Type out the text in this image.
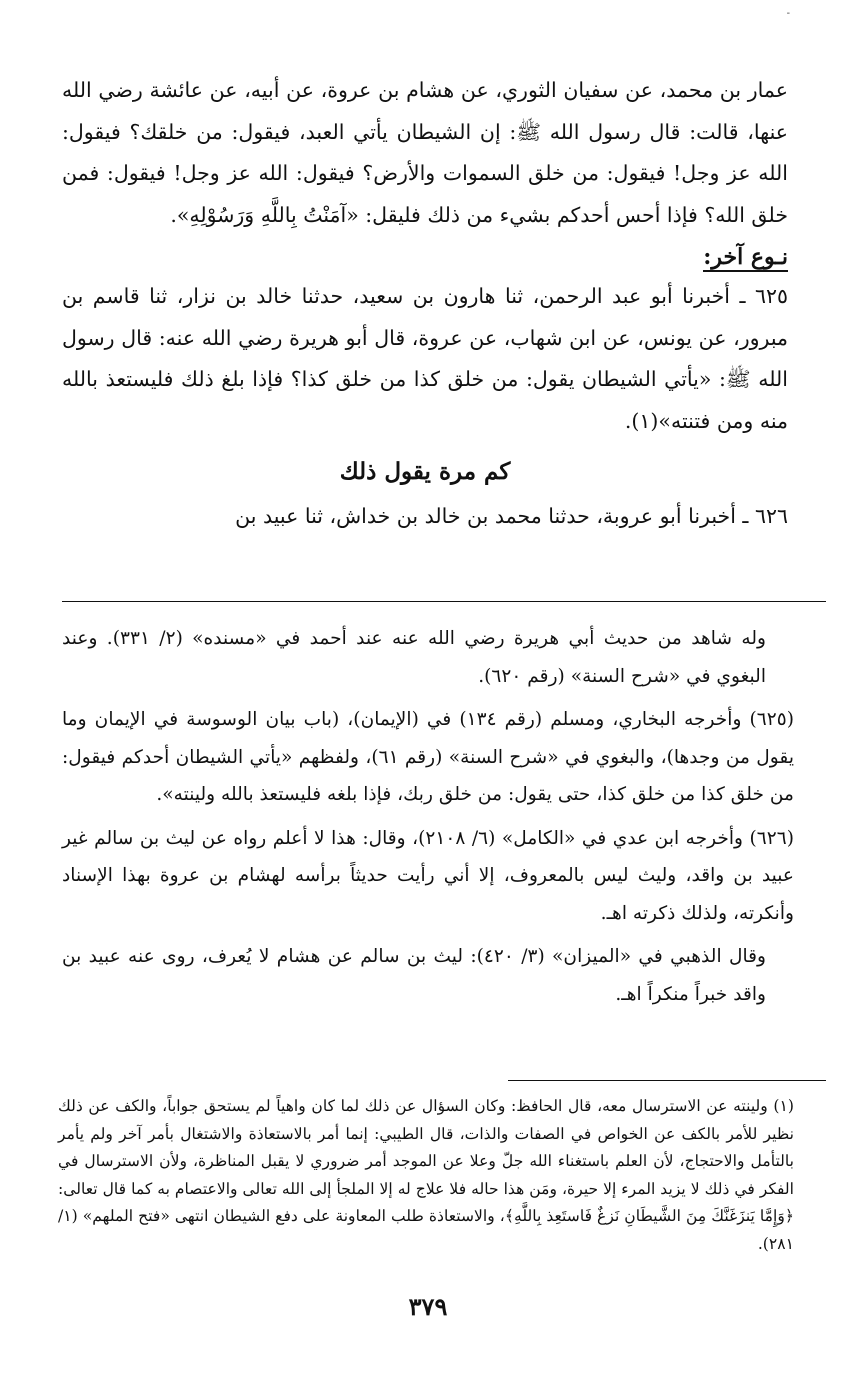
-

عمار بن محمد، عن سفيان الثوري، عن هشام بن عروة، عن أبيه، عن عائشة رضي الله عنها، قالت: قال رسول الله ﷺ: إن الشيطان يأتي العبد، فيقول: من خلقك؟ فيقول: الله عز وجل! فيقول: من خلق السموات والأرض؟ فيقول: الله عز وجل! فيقول: فمن خلق الله؟ فإذا أحس أحدكم بشيء من ذلك فليقل: «آمَنْتُ بِاللَّهِ وَرَسُوْلِهِ».

نـوع آخر:

٦٢٥ ـ أخبرنا أبو عبد الرحمن، ثنا هارون بن سعيد، حدثنا خالد بن نزار، ثنا قاسم بن مبرور، عن يونس، عن ابن شهاب، عن عروة، قال أبو هريرة رضي الله عنه: قال رسول الله ﷺ: «يأتي الشيطان يقول: من خلق كذا من خلق كذا؟ فإذا بلغ ذلك فليستعذ بالله منه ومن فتنته»(١).

كم مرة يقول ذلك

٦٢٦ ـ أخبرنا أبو عروبة، حدثنا محمد بن خالد بن خداش، ثنا عبيد بن

وله شاهد من حديث أبي هريرة رضي الله عنه عند أحمد في «مسنده» (٢/ ٣٣١). وعند البغوي في «شرح السنة» (رقم ٦٢٠).

(٦٢٥) وأخرجه البخاري، ومسلم (رقم ١٣٤) في (الإيمان)، (باب بيان الوسوسة في الإيمان وما يقول من وجدها)، والبغوي في «شرح السنة» (رقم ٦١)، ولفظهم «يأتي الشيطان أحدكم فيقول: من خلق كذا من خلق كذا، حتى يقول: من خلق ربك، فإذا بلغه فليستعذ بالله ولينته».

(٦٢٦) وأخرجه ابن عدي في «الكامل» (٦/ ٢١٠٨)، وقال: هذا لا أعلم رواه عن ليث بن سالم غير عبيد بن واقد، وليث ليس بالمعروف، إلا أني رأيت حديثاً برأسه لهشام بن عروة بهذا الإسناد وأنكرته، ولذلك ذكرته اهـ.

وقال الذهبي في «الميزان» (٣/ ٤٢٠): ليث بن سالم عن هشام لا يُعرف، روى عنه عبيد بن واقد خبراً منكراً اهـ.

(١) ولينته عن الاسترسال معه، قال الحافظ: وكان السؤال عن ذلك لما كان واهياً لم يستحق جواباً، والكف عن ذلك نظير للأمر بالكف عن الخواص في الصفات والذات، قال الطيبي: إنما أمر بالاستعاذة والاشتغال بأمر آخر ولم يأمر بالتأمل والاحتجاج، لأن العلم باستغناء الله جلّ وعلا عن الموجد أمر ضروري لا يقبل المناظرة، ولأن الاسترسال في الفكر في ذلك لا يزيد المرء إلا حيرة، ومَن هذا حاله فلا علاج له إلا الملجأ إلى الله تعالى والاعتصام به كما قال تعالى: ﴿وَإِمَّا يَنزَغَنَّكَ مِنَ الشَّيطَانِ نَزغٌ فَاستَعِذ بِاللَّهِ﴾، والاستعاذة طلب المعاونة على دفع الشيطان انتهى «فتح الملهم» (١/ ٢٨١).

٣٧٩
